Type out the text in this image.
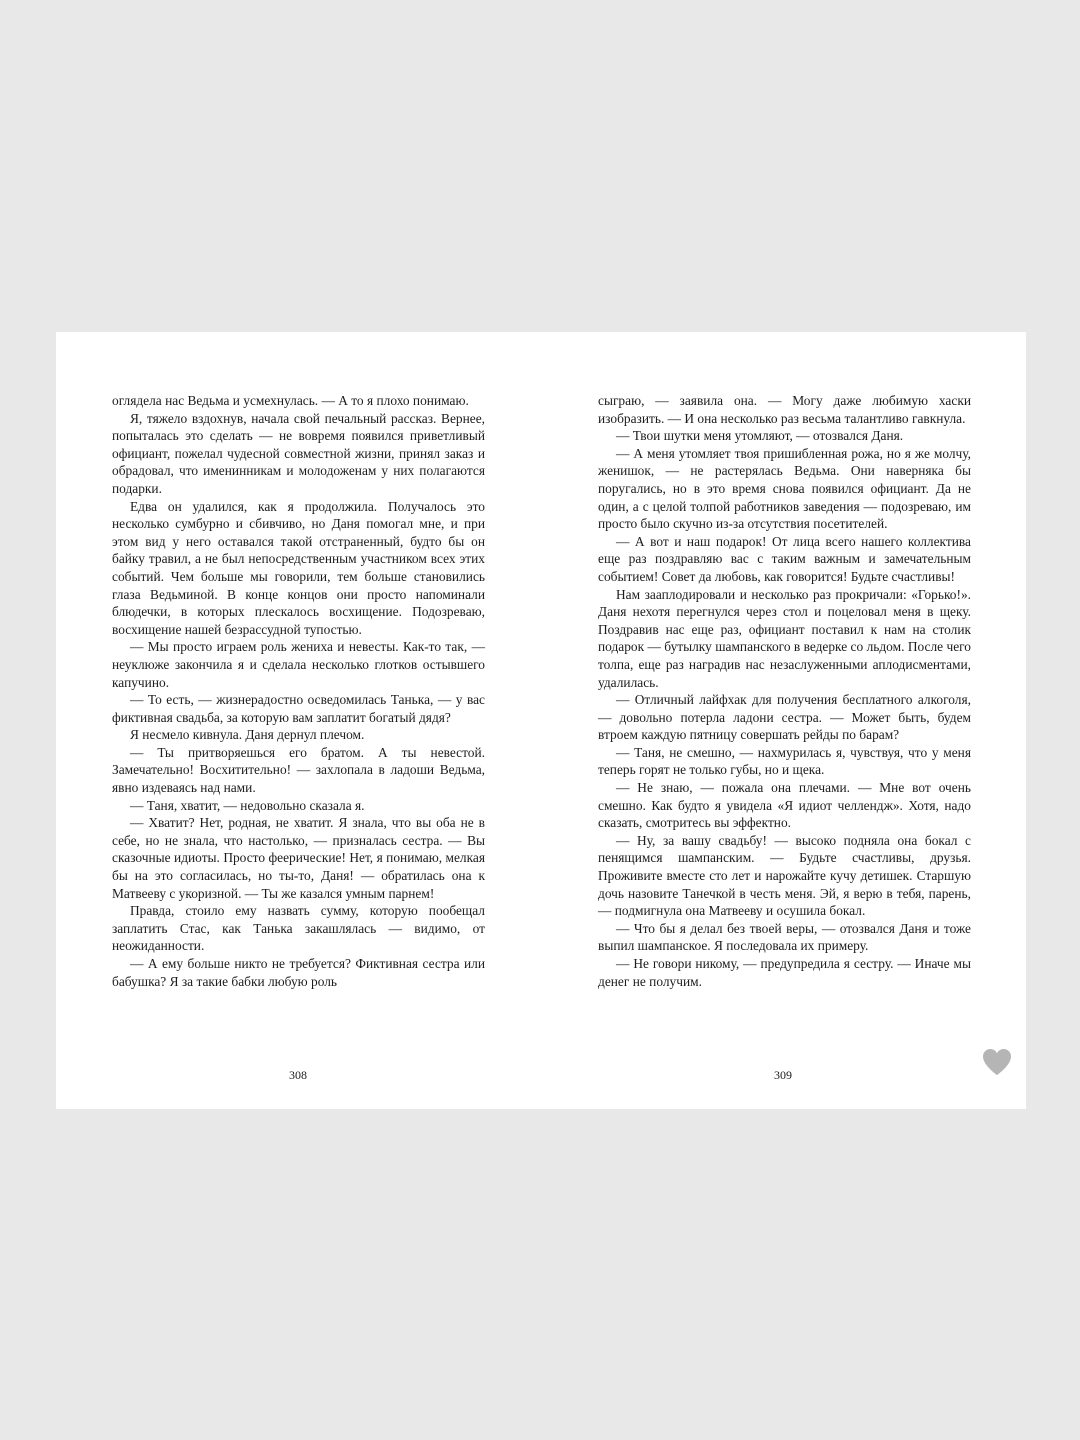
оглядела нас Ведьма и усмехнулась. — А то я плохо понимаю.

Я, тяжело вздохнув, начала свой печальный рассказ. Вернее, попыталась это сделать — не вовремя появился приветливый официант, пожелал чудесной совместной жизни, принял заказ и обрадовал, что именинникам и молодоженам у них полагаются подарки.

Едва он удалился, как я продолжила. Получалось это несколько сумбурно и сбивчиво, но Даня помогал мне, и при этом вид у него оставался такой отстраненный, будто бы он байку травил, а не был непосредственным участником всех этих событий. Чем больше мы говорили, тем больше становились глаза Ведьминой. В конце концов они просто напоминали блюдечки, в которых плескалось восхищение. Подозреваю, восхищение нашей безрассудной тупостью.

— Мы просто играем роль жениха и невесты. Как-то так, — неуклюже закончила я и сделала несколько глотков остывшего капучино.

— То есть, — жизнерадостно осведомилась Танька, — у вас фиктивная свадьба, за которую вам заплатит богатый дядя?

Я несмело кивнула. Даня дернул плечом.

— Ты притворяешься его братом. А ты невестой. Замечательно! Восхитительно! — захлопала в ладоши Ведьма, явно издеваясь над нами.

— Таня, хватит, — недовольно сказала я.

— Хватит? Нет, родная, не хватит. Я знала, что вы оба не в себе, но не знала, что настолько, — призналась сестра. — Вы сказочные идиоты. Просто феерические! Нет, я понимаю, мелкая бы на это согласилась, но ты-то, Даня! — обратилась она к Матвееву с укоризной. — Ты же казался умным парнем!

Правда, стоило ему назвать сумму, которую пообещал заплатить Стас, как Танька закашлялась — видимо, от неожиданности.

— А ему больше никто не требуется? Фиктивная сестра или бабушка? Я за такие бабки любую роль

сыграю, — заявила она. — Могу даже любимую хаски изобразить. — И она несколько раз весьма талантливо гавкнула.

— Твои шутки меня утомляют, — отозвался Даня.

— А меня утомляет твоя пришибленная рожа, но я же молчу, женишок, — не растерялась Ведьма. Они наверняка бы поругались, но в это время снова появился официант. Да не один, а с целой толпой работников заведения — подозреваю, им просто было скучно из-за отсутствия посетителей.

— А вот и наш подарок! От лица всего нашего коллектива еще раз поздравляю вас с таким важным и замечательным событием! Совет да любовь, как говорится! Будьте счастливы!

Нам зааплодировали и несколько раз прокричали: «Горько!». Даня нехотя перегнулся через стол и поцеловал меня в щеку. Поздравив нас еще раз, официант поставил к нам на столик подарок — бутылку шампанского в ведерке со льдом. После чего толпа, еще раз наградив нас незаслуженными аплодисментами, удалилась.

— Отличный лайфхак для получения бесплатного алкоголя, — довольно потерла ладони сестра. — Может быть, будем втроем каждую пятницу совершать рейды по барам?

— Таня, не смешно, — нахмурилась я, чувствуя, что у меня теперь горят не только губы, но и щека.

— Не знаю, — пожала она плечами. — Мне вот очень смешно. Как будто я увидела «Я идиот челлендж». Хотя, надо сказать, смотритесь вы эффектно.

— Ну, за вашу свадьбу! — высоко подняла она бокал с пенящимся шампанским. — Будьте счастливы, друзья. Проживите вместе сто лет и нарожайте кучу детишек. Старшую дочь назовите Танечкой в честь меня. Эй, я верю в тебя, парень, — подмигнула она Матвееву и осушила бокал.

— Что бы я делал без твоей веры, — отозвался Даня и тоже выпил шампанское. Я последовала их примеру.

— Не говори никому, — предупредила я сестру. — Иначе мы денег не получим.

308	309
